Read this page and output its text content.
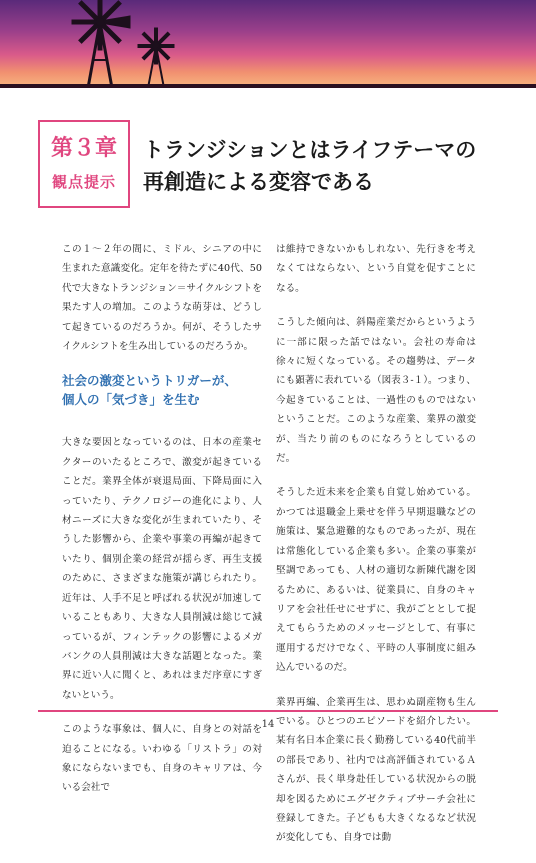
第３章
観点提示
トランジションとはライフテーマの
再創造による変容である

この１～２年の間に、ミドル、シニアの中に生まれた意識変化。定年を待たずに40代、50代で大きなトランジション＝サイクルシフトを果たす人の増加。このような萌芽は、どうして起きているのだろうか。何が、そうしたサイクルシフトを生み出しているのだろうか。

社会の激変というトリガーが、
個人の「気づき」を生む

大きな要因となっているのは、日本の産業セクターのいたるところで、激変が起きていることだ。業界全体が衰退局面、下降局面に入っていたり、テクノロジーの進化により、人材ニーズに大きな変化が生まれていたり、そうした影響から、企業や事業の再編が起きていたり、個別企業の経営が揺らぎ、再生支援のために、さまざまな施策が講じられたり。近年は、人手不足と呼ばれる状況が加速していることもあり、大きな人員削減は総じて減っているが、フィンテックの影響によるメガバンクの人員削減は大きな話題となった。業界に近い人に聞くと、あれはまだ序章にすぎないという。

このような事象は、個人に、自身との対話を迫ることになる。いわゆる「リストラ」の対象にならないまでも、自身のキャリアは、今いる会社で

は維持できないかもしれない、先行きを考えなくてはならない、という自覚を促すことになる。

こうした傾向は、斜陽産業だからというように一部に限った話ではない。会社の寿命は徐々に短くなっている。その趨勢は、データにも顕著に表れている（図表３-１）。つまり、今起きていることは、一過性のものではないということだ。このような産業、業界の激変が、当たり前のものになろうとしているのだ。

そうした近未来を企業も自覚し始めている。かつては退職金上乗せを伴う早期退職などの施策は、緊急避難的なものであったが、現在は常態化している企業も多い。企業の事業が堅調であっても、人材の適切な新陳代謝を図るために、あるいは、従業員に、自身のキャリアを会社任せにせずに、我がごととして捉えてもらうためのメッセージとして、有事に運用するだけでなく、平時の人事制度に組み込んでいるのだ。

業界再編、企業再生は、思わぬ副産物も生んでいる。ひとつのエピソードを紹介したい。某有名日本企業に長く勤務している40代前半の部長であり、社内では高評価されているＡさんが、長く単身赴任している状況からの脱却を図るためにエグゼクティブサーチ会社に登録してきた。子どもも大きくなるなど状況が変化しても、自身では動

14
